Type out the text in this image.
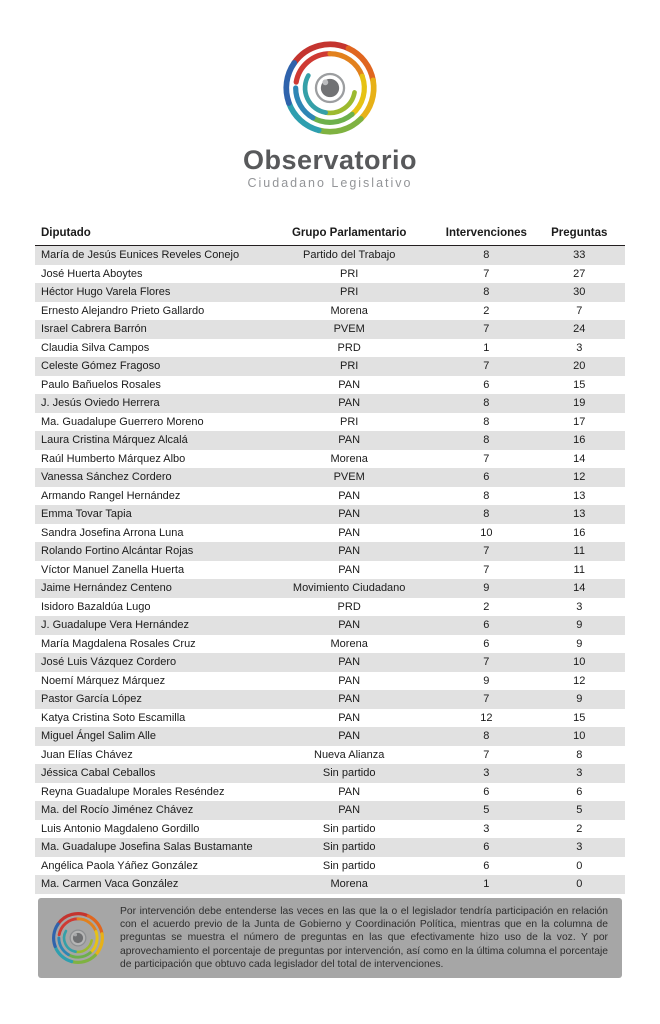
Observatorio
Ciudadano Legislativo
Diputado	Grupo Parlamentario	Intervenciones	Preguntas
María de Jesús Eunices Reveles Conejo	Partido del Trabajo	8	33
José Huerta Aboytes	PRI	7	27
Héctor Hugo Varela Flores	PRI	8	30
Ernesto Alejandro Prieto Gallardo	Morena	2	7
Israel Cabrera Barrón	PVEM	7	24
Claudia Silva Campos	PRD	1	3
Celeste Gómez Fragoso	PRI	7	20
Paulo Bañuelos Rosales	PAN	6	15
J. Jesús Oviedo Herrera	PAN	8	19
Ma. Guadalupe Guerrero Moreno	PRI	8	17
Laura Cristina Márquez Alcalá	PAN	8	16
Raúl Humberto Márquez Albo	Morena	7	14
Vanessa Sánchez Cordero	PVEM	6	12
Armando Rangel Hernández	PAN	8	13
Emma Tovar Tapia	PAN	8	13
Sandra Josefina Arrona Luna	PAN	10	16
Rolando Fortino Alcántar Rojas	PAN	7	11
Víctor Manuel Zanella Huerta	PAN	7	11
Jaime Hernández Centeno	Movimiento Ciudadano	9	14
Isidoro Bazaldúa Lugo	PRD	2	3
J. Guadalupe Vera Hernández	PAN	6	9
María Magdalena Rosales Cruz	Morena	6	9
José Luis Vázquez Cordero	PAN	7	10
Noemí Márquez Márquez	PAN	9	12
Pastor García López	PAN	7	9
Katya Cristina Soto Escamilla	PAN	12	15
Miguel Ángel Salim Alle	PAN	8	10
Juan Elías Chávez	Nueva Alianza	7	8
Jéssica Cabal Ceballos	Sin partido	3	3
Reyna Guadalupe Morales Reséndez	PAN	6	6
Ma. del Rocío Jiménez Chávez	PAN	5	5
Luis Antonio Magdaleno Gordillo	Sin partido	3	2
Ma. Guadalupe Josefina Salas Bustamante	Sin partido	6	3
Angélica Paola Yáñez González	Sin partido	6	0
Ma. Carmen Vaca González	Morena	1	0

Por intervención debe entenderse las veces en las que la o el legislador tendría participación en relación con el acuerdo previo de la Junta de Gobierno y Coordinación Política, mientras que en la columna de preguntas se muestra el número de preguntas en las que efectivamente hizo uso de la voz. Y por aprovechamiento el porcentaje de preguntas por intervención, así como en la última columna el porcentaje de participación que obtuvo cada legislador del total de intervenciones.
